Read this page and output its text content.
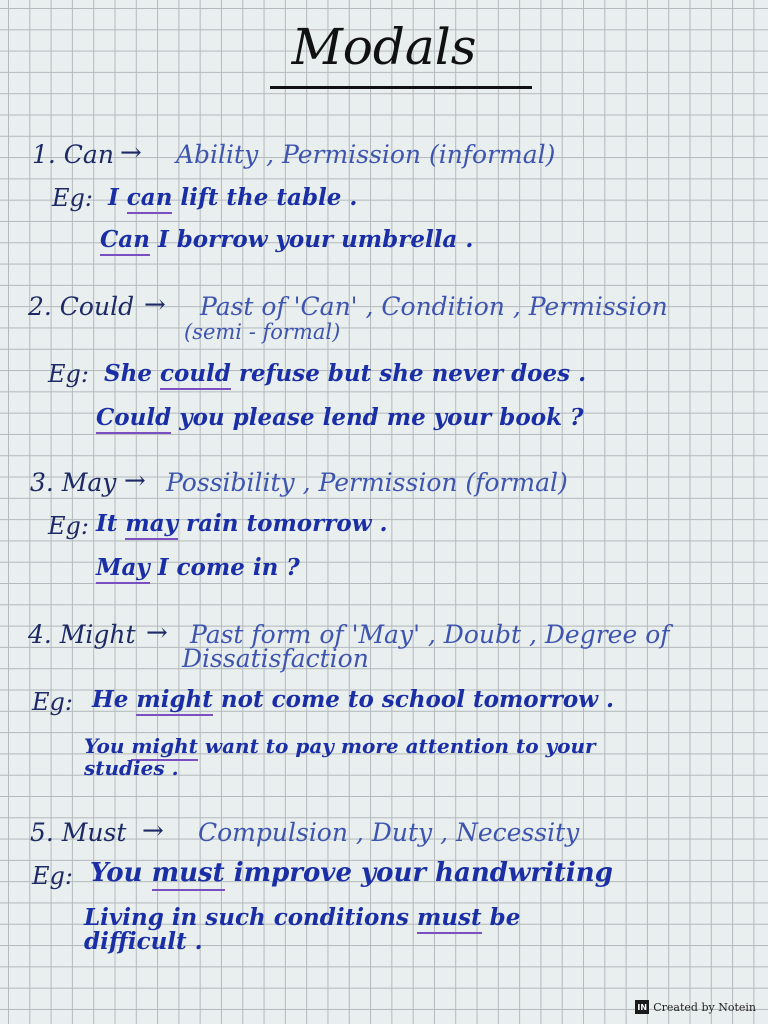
Modals
1. Can → Ability , Permission (informal)
Eg: I can lift the table .
Can I borrow your umbrella .
2. Could → Past of 'Can' , Condition , Permission
(semi - formal)
Eg: She could refuse but she never does .
Could you please lend me your book ?
3. May → Possibility , Permission (formal)
Eg: It may rain tomorrow .
May I come in ?
4. Might → Past form of 'May' , Doubt , Degree of
Dissatisfaction
Eg: He might not come to school tomorrow .
You might want to pay more attention to your
studies .
5. Must → Compulsion , Duty , Necessity
Eg: You must improve your handwriting
Living in such conditions must be
difficult .
IN Created by Notein
